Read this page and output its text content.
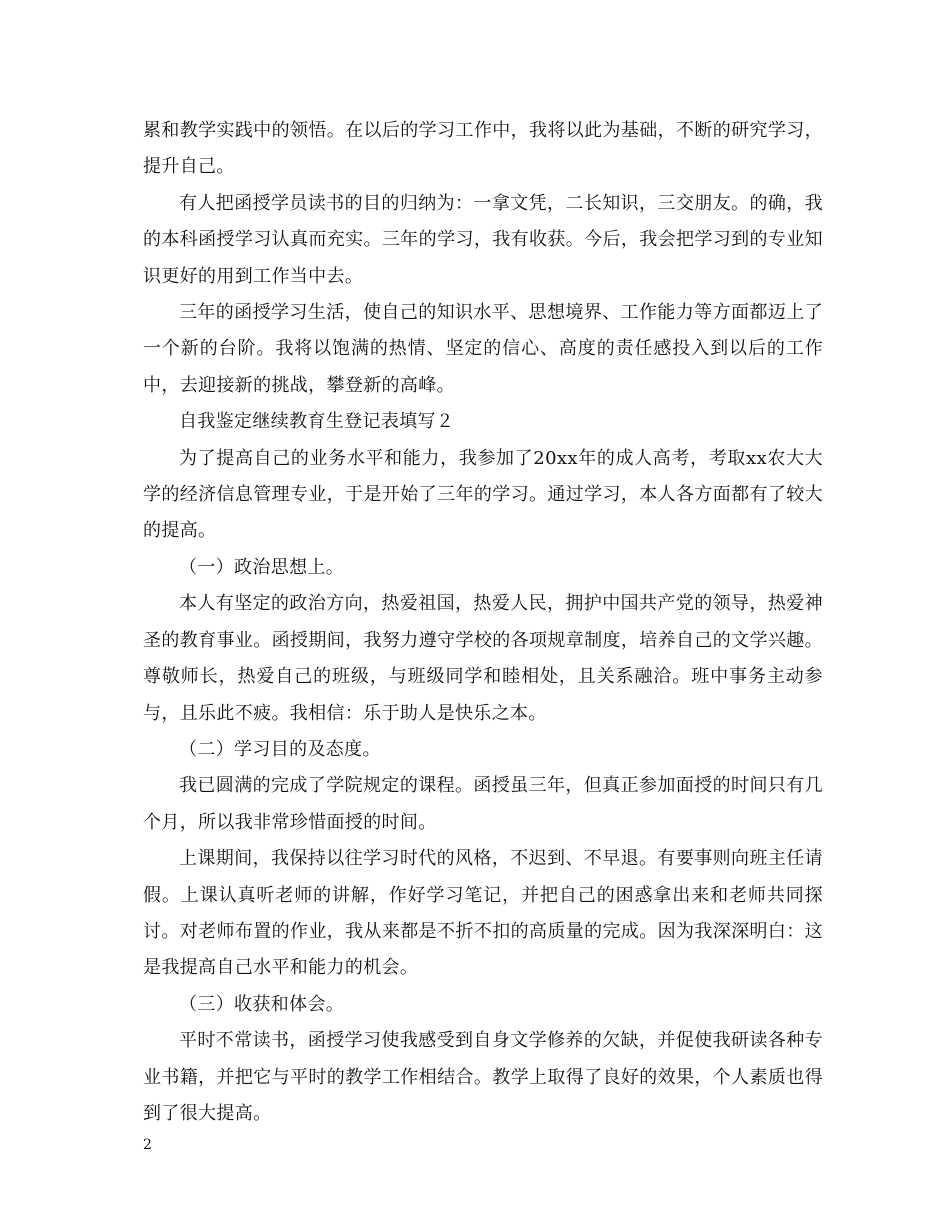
累和教学实践中的领悟。在以后的学习工作中，我将以此为基础，不断的研究学习，提升自己。

有人把函授学员读书的目的归纳为：一拿文凭，二长知识，三交朋友。的确，我的本科函授学习认真而充实。三年的学习，我有收获。今后，我会把学习到的专业知识更好的用到工作当中去。

三年的函授学习生活，使自己的知识水平、思想境界、工作能力等方面都迈上了一个新的台阶。我将以饱满的热情、坚定的信心、高度的责任感投入到以后的工作中，去迎接新的挑战，攀登新的高峰。

自我鉴定继续教育生登记表填写２

为了提高自己的业务水平和能力，我参加了20xx年的成人高考，考取xx农大大学的经济信息管理专业，于是开始了三年的学习。通过学习，本人各方面都有了较大的提高。

（一）政治思想上。

本人有坚定的政治方向，热爱祖国，热爱人民，拥护中国共产党的领导，热爱神圣的教育事业。函授期间，我努力遵守学校的各项规章制度，培养自己的文学兴趣。尊敬师长，热爱自己的班级，与班级同学和睦相处，且关系融洽。班中事务主动参与，且乐此不疲。我相信：乐于助人是快乐之本。

（二）学习目的及态度。

我已圆满的完成了学院规定的课程。函授虽三年，但真正参加面授的时间只有几个月，所以我非常珍惜面授的时间。

上课期间，我保持以往学习时代的风格，不迟到、不早退。有要事则向班主任请假。上课认真听老师的讲解，作好学习笔记，并把自己的困惑拿出来和老师共同探讨。对老师布置的作业，我从来都是不折不扣的高质量的完成。因为我深深明白：这是我提高自己水平和能力的机会。

（三）收获和体会。

平时不常读书，函授学习使我感受到自身文学修养的欠缺，并促使我研读各种专业书籍，并把它与平时的教学工作相结合。教学上取得了良好的效果，个人素质也得到了很大提高。

2
